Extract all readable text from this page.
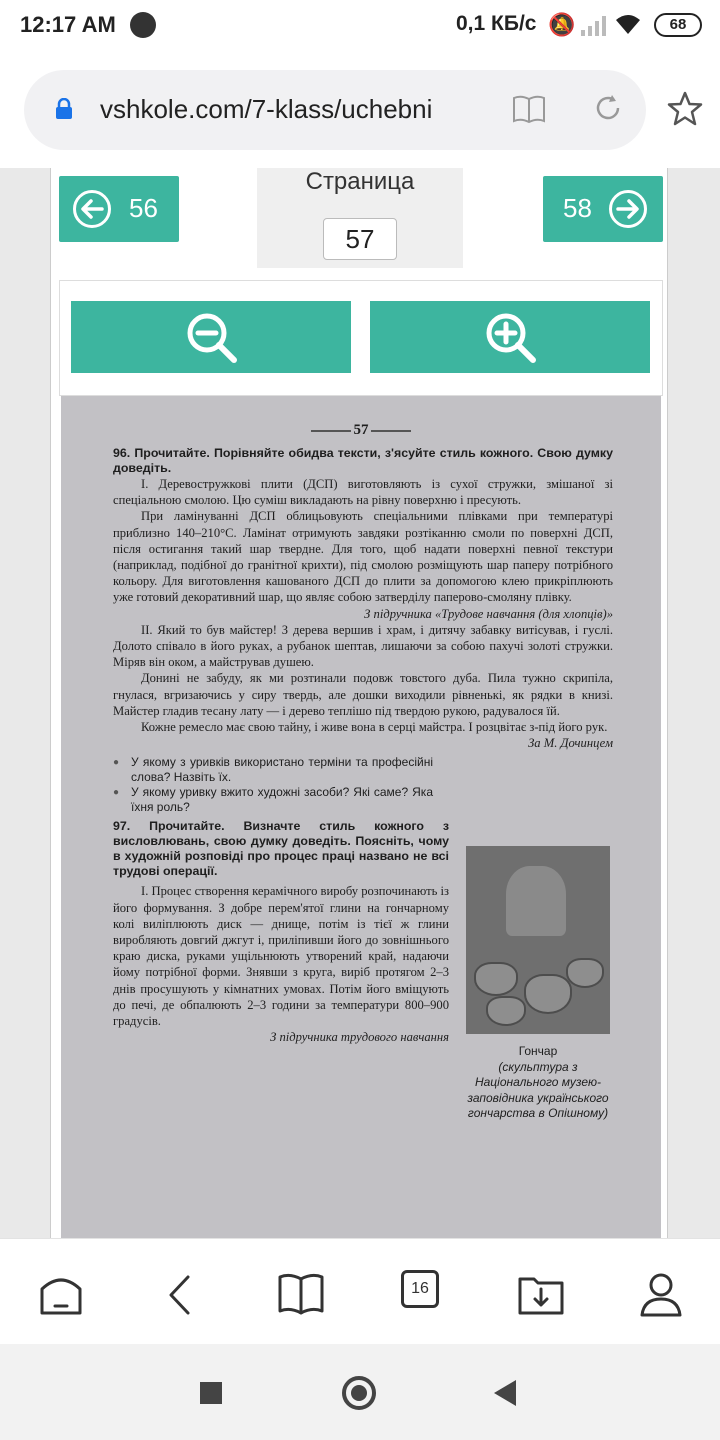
12:17 AM	0,1 КБ/с 🔕	68
vshkole.com/7-klass/uchebni
56
Страница
57
58
57
96. Прочитайте. Порівняйте обидва тексти, з'ясуйте стиль кожного. Свою думку доведіть.

І. Деревостружкові плити (ДСП) виготовляють із сухої стружки, змішаної зі спеціальною смолою. Цю суміш викладають на рівну поверхню і пресують.

При ламінуванні ДСП облицьовують спеціальними плівками при температурі приблизно 140–210°С. Ламінат отримують завдяки розтіканню смоли по поверхні ДСП, після остигання такий шар твердне. Для того, щоб надати поверхні певної текстури (наприклад, подібної до гранітної крихти), під смолою розміщують шар паперу потрібного кольору. Для виготовлення кашованого ДСП до плити за допомогою клею прикріплюють уже готовий декоративний шар, що являє собою затверділу паперово-смоляну плівку.

З підручника «Трудове навчання (для хлопців)»

ІІ. Який то був майстер! З дерева вершив і храм, і дитячу забавку витісував, і гуслі. Долото співало в його руках, а рубанок шептав, лишаючи за собою пахучі золоті стружки. Міряв він оком, а майстрував душею.

Донині не забуду, як ми розтинали подовж товстого дуба. Пила тужно скрипіла, гнулася, вгризаючись у сиру твердь, але дошки виходили рівненькі, як рядки в книзі. Майстер гладив тесану лату — і дерево теплішо під твердою рукою, радувалося їй.

Кожне ремесло має свою тайну, і живе вона в серці майстра. І розцвітає з-під його рук.

За М. Дочинцем
● У якому з уривків використано терміни та професійні слова? Назвіть їх.
● У якому уривку вжито художні засоби? Які саме? Яка їхня роль?
97. Прочитайте. Визначте стиль кожного з висловлювань, свою думку доведіть. Поясніть, чому в художній розповіді про процес праці названо не всі трудові операції.

І. Процес створення керамічного виробу розпочинають із його формування. З добре перем'ятої глини на гончарному колі виліплюють диск — днище, потім із тієї ж глини виробляють довгий джгут і, приліпивши його до зовнішнього краю диска, руками ущільнюють утворений край, надаючи йому потрібної форми. Знявши з круга, виріб протягом 2–3 днів просушують у кімнатних умовах. Потім його вміщують до печі, де обпалюють 2–3 години за температури 800–900 градусів.

З підручника трудового навчання
Гончар
(скульптура з Національного музею-заповідника українського гончарства в Опішному)
16
